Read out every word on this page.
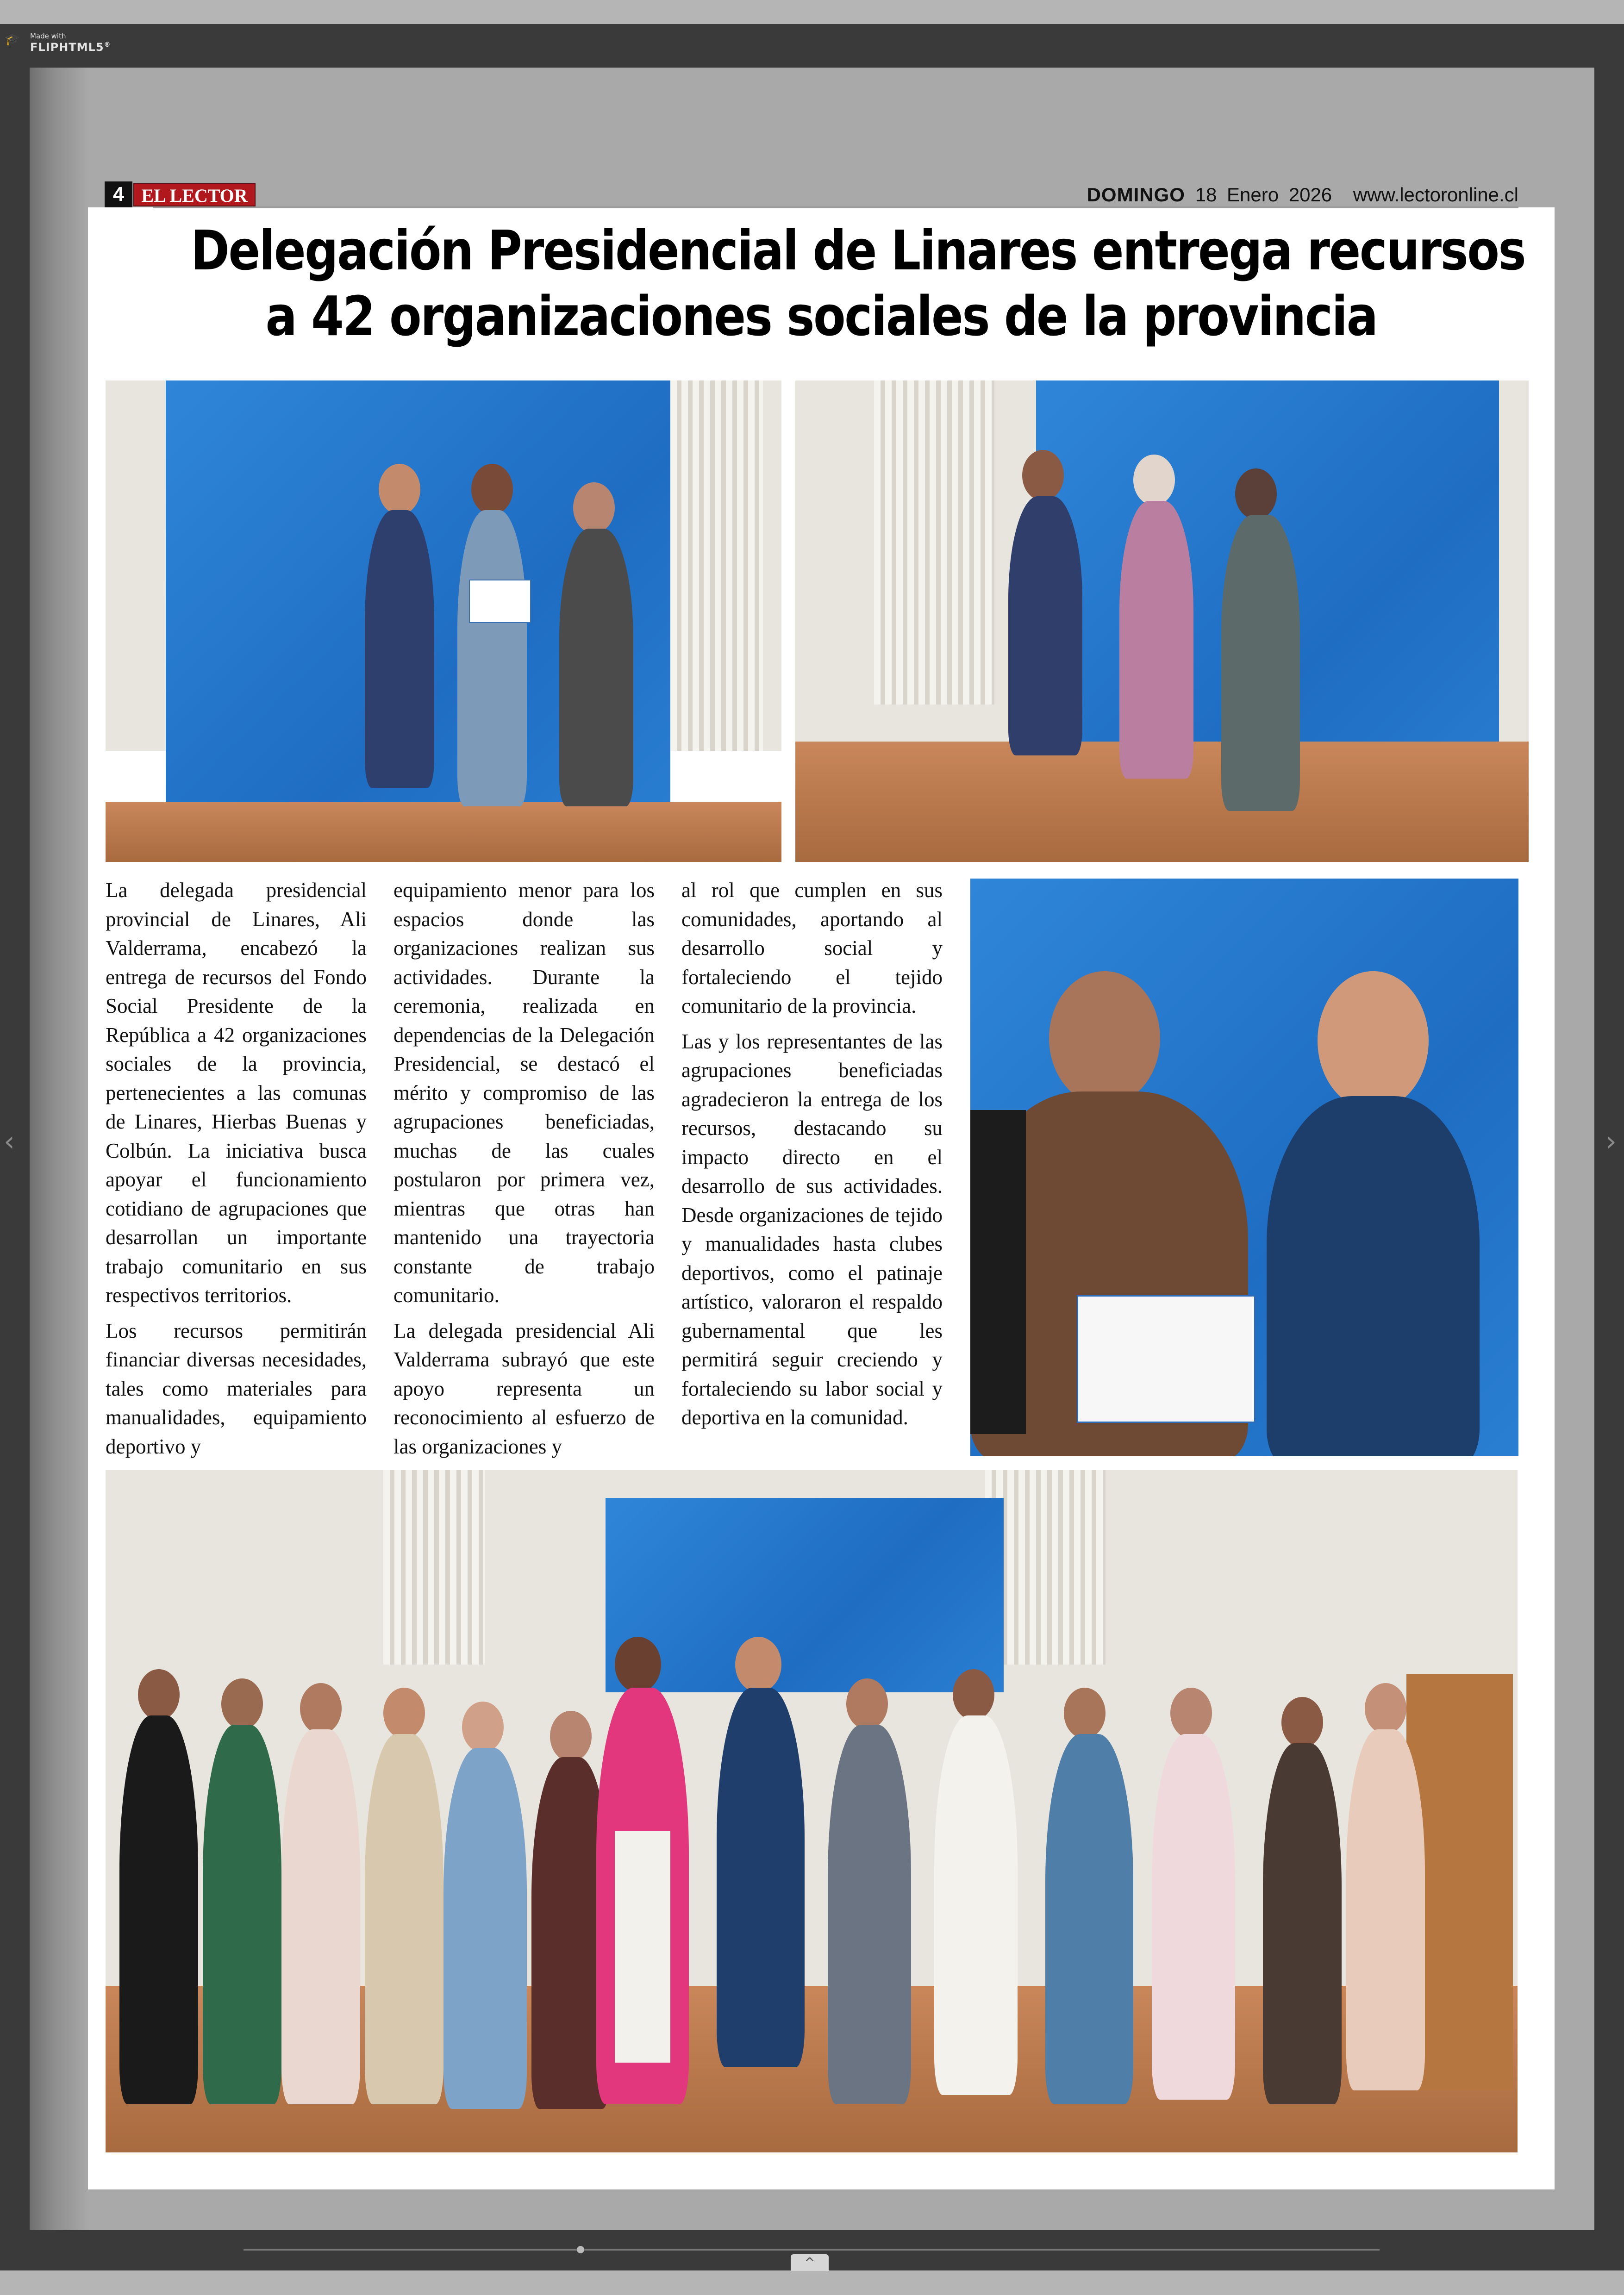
🎓 Made with
FLIPHTML5®
4 EL LECTOR	DOMINGO 18 Enero 2026 www.lectoronline.cl
Delegación Presidencial de Linares entrega recursos
a 42 organizaciones sociales de la provincia

La delegada presidencial provincial de Linares, Ali Valderrama, encabezó la entrega de recursos del Fondo Social Presidente de la República a 42 organizaciones sociales de la provincia, pertenecientes a las comunas de Linares, Hierbas Buenas y Colbún. La iniciativa busca apoyar el funcionamiento cotidiano de agrupaciones que desarrollan un importante trabajo comunitario en sus respectivos territorios.

Los recursos permitirán financiar diversas necesidades, tales como materiales para manualidades, equipamiento deportivo y

equipamiento menor para los espacios donde las organizaciones realizan sus actividades. Durante la ceremonia, realizada en dependencias de la Delegación Presidencial, se destacó el mérito y compromiso de las agrupaciones beneficiadas, muchas de las cuales postularon por primera vez, mientras que otras han mantenido una trayectoria constante de trabajo comunitario.

La delegada presidencial Ali Valderrama subrayó que este apoyo representa un reconocimiento al esfuerzo de las organizaciones y

al rol que cumplen en sus comunidades, aportando al desarrollo social y fortaleciendo el tejido comunitario de la provincia.

Las y los representantes de las agrupaciones beneficiadas agradecieron la entrega de los recursos, destacando su impacto directo en el desarrollo de sus actividades. Desde organizaciones de tejido y manualidades hasta clubes deportivos, como el patinaje artístico, valoraron el respaldo gubernamental que les permitirá seguir creciendo y fortaleciendo su labor social y deportiva en la comunidad.

‹	›
^
